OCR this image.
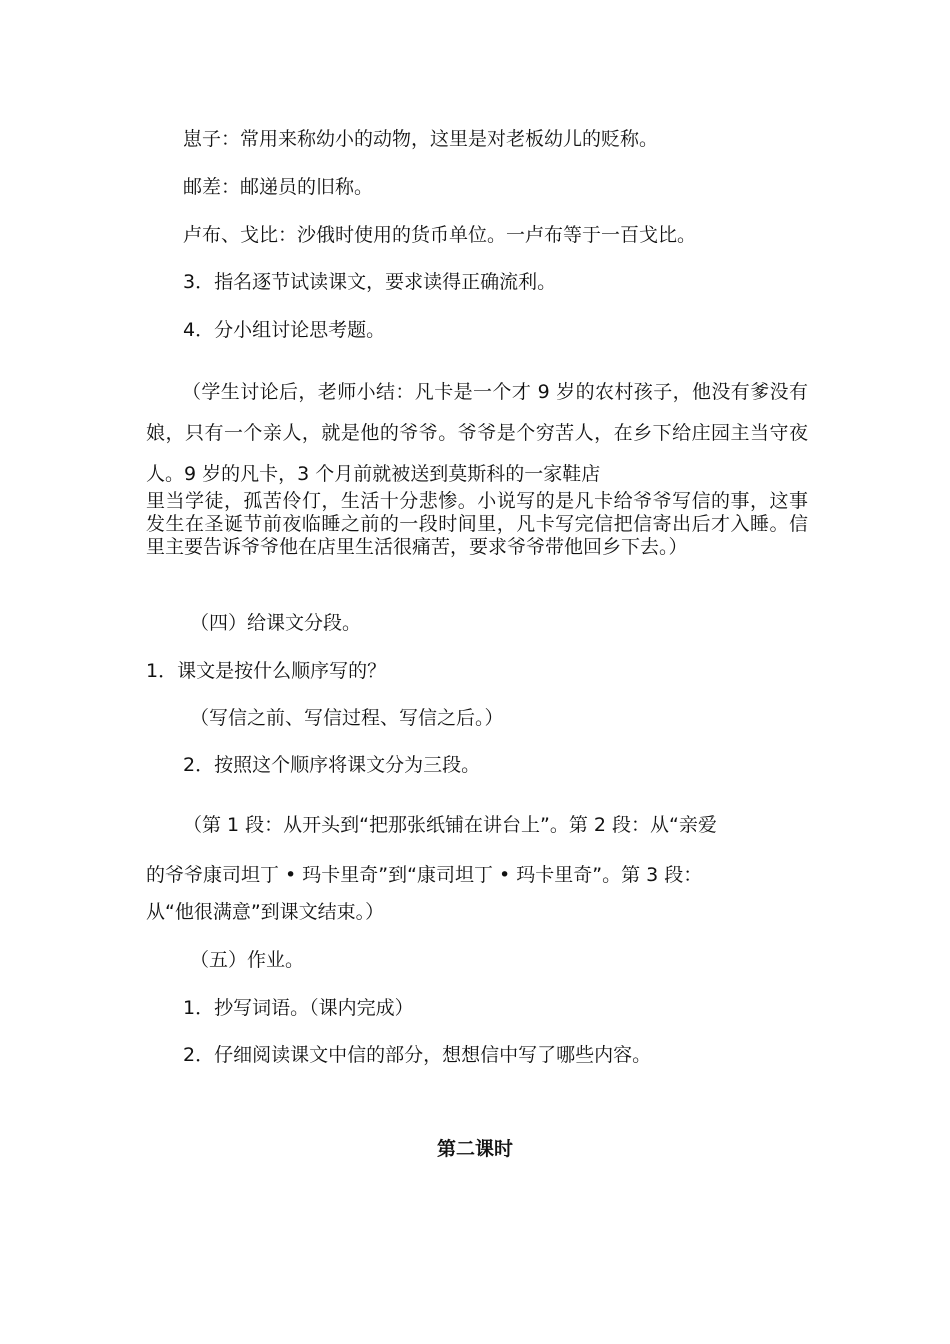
崽子：常用来称幼小的动物，这里是对老板幼儿的贬称。
邮差：邮递员的旧称。
卢布、戈比：沙俄时使用的货币单位。一卢布等于一百戈比。
3．指名逐节试读课文，要求读得正确流利。
4．分小组讨论思考题。
（学生讨论后，老师小结：凡卡是一个才 9 岁的农村孩子，他没有爹没有娘，只有一个亲人，就是他的爷爷。爷爷是个穷苦人，在乡下给庄园主当守夜人。9 岁的凡卡，3 个月前就被送到莫斯科的一家鞋店
里当学徒，孤苦伶仃，生活十分悲惨。小说写的是凡卡给爷爷写信的事，这事发生在圣诞节前夜临睡之前的一段时间里，凡卡写完信把信寄出后才入睡。信里主要告诉爷爷他在店里生活很痛苦，要求爷爷带他回乡下去。）
（四）给课文分段。
1．课文是按什么顺序写的？
（写信之前、写信过程、写信之后。）
2．按照这个顺序将课文分为三段。
（第 1 段：从开头到“把那张纸铺在讲台上”。第 2 段：从“亲爱
的爷爷康司坦丁 • 玛卡里奇”到“康司坦丁 • 玛卡里奇”。第 3 段：
从“他很满意”到课文结束。）
（五）作业。
1．抄写词语。（课内完成）
2．仔细阅读课文中信的部分，想想信中写了哪些内容。
第二课时
